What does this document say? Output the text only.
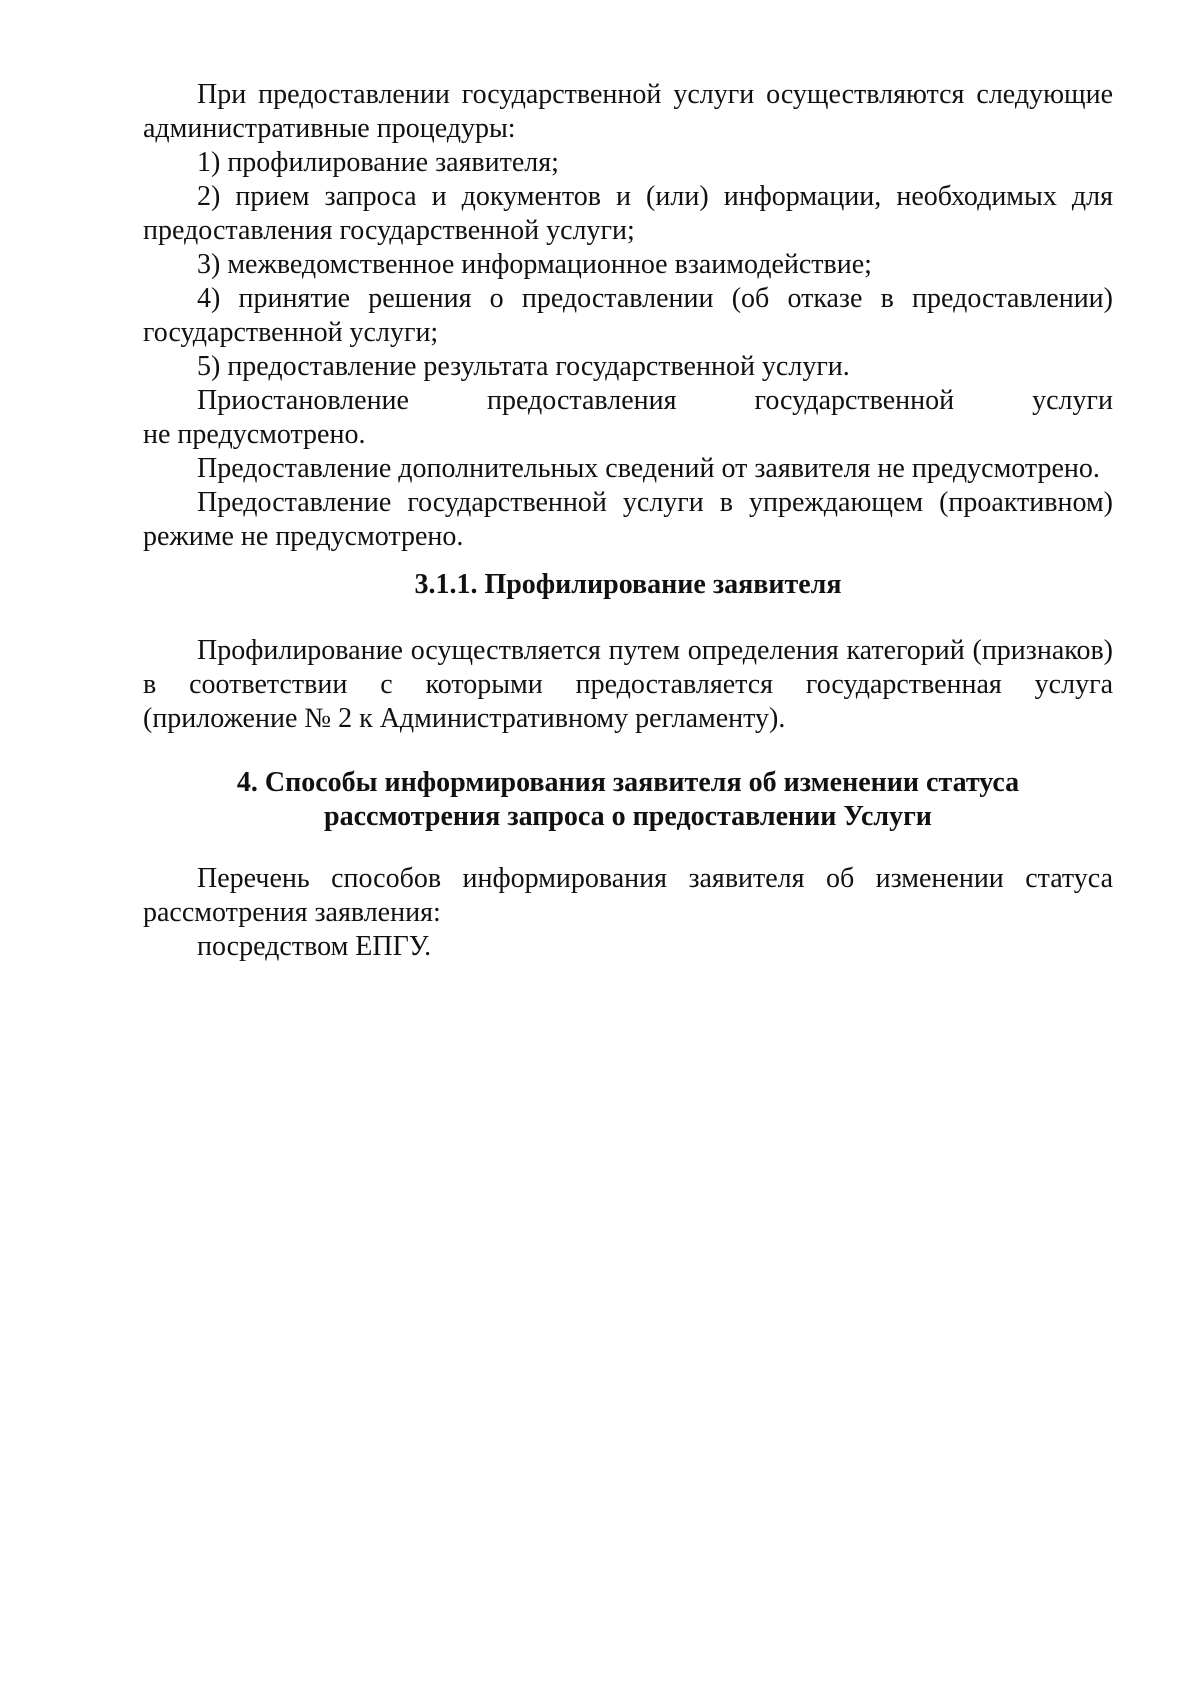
При предоставлении государственной услуги осуществляются следующие административные процедуры:

1) профилирование заявителя;

2) прием запроса и документов и (или) информации, необходимых для предоставления государственной услуги;

3) межведомственное информационное взаимодействие;

4) принятие решения о предоставлении (об отказе в предоставлении) государственной услуги;

5) предоставление результата государственной услуги.

Приостановление предоставления государственной услуги

не предусмотрено.

Предоставление дополнительных сведений от заявителя не предусмотрено.

Предоставление государственной услуги в упреждающем (проактивном) режиме не предусмотрено.

3.1.1. Профилирование заявителя

Профилирование осуществляется путем определения категорий (признаков) в соответствии с которыми предоставляется государственная услуга (приложение № 2 к Административному регламенту).

4. Способы информирования заявителя об изменении статуса
рассмотрения запроса о предоставлении Услуги

Перечень способов информирования заявителя об изменении статуса рассмотрения заявления:

посредством ЕПГУ.
